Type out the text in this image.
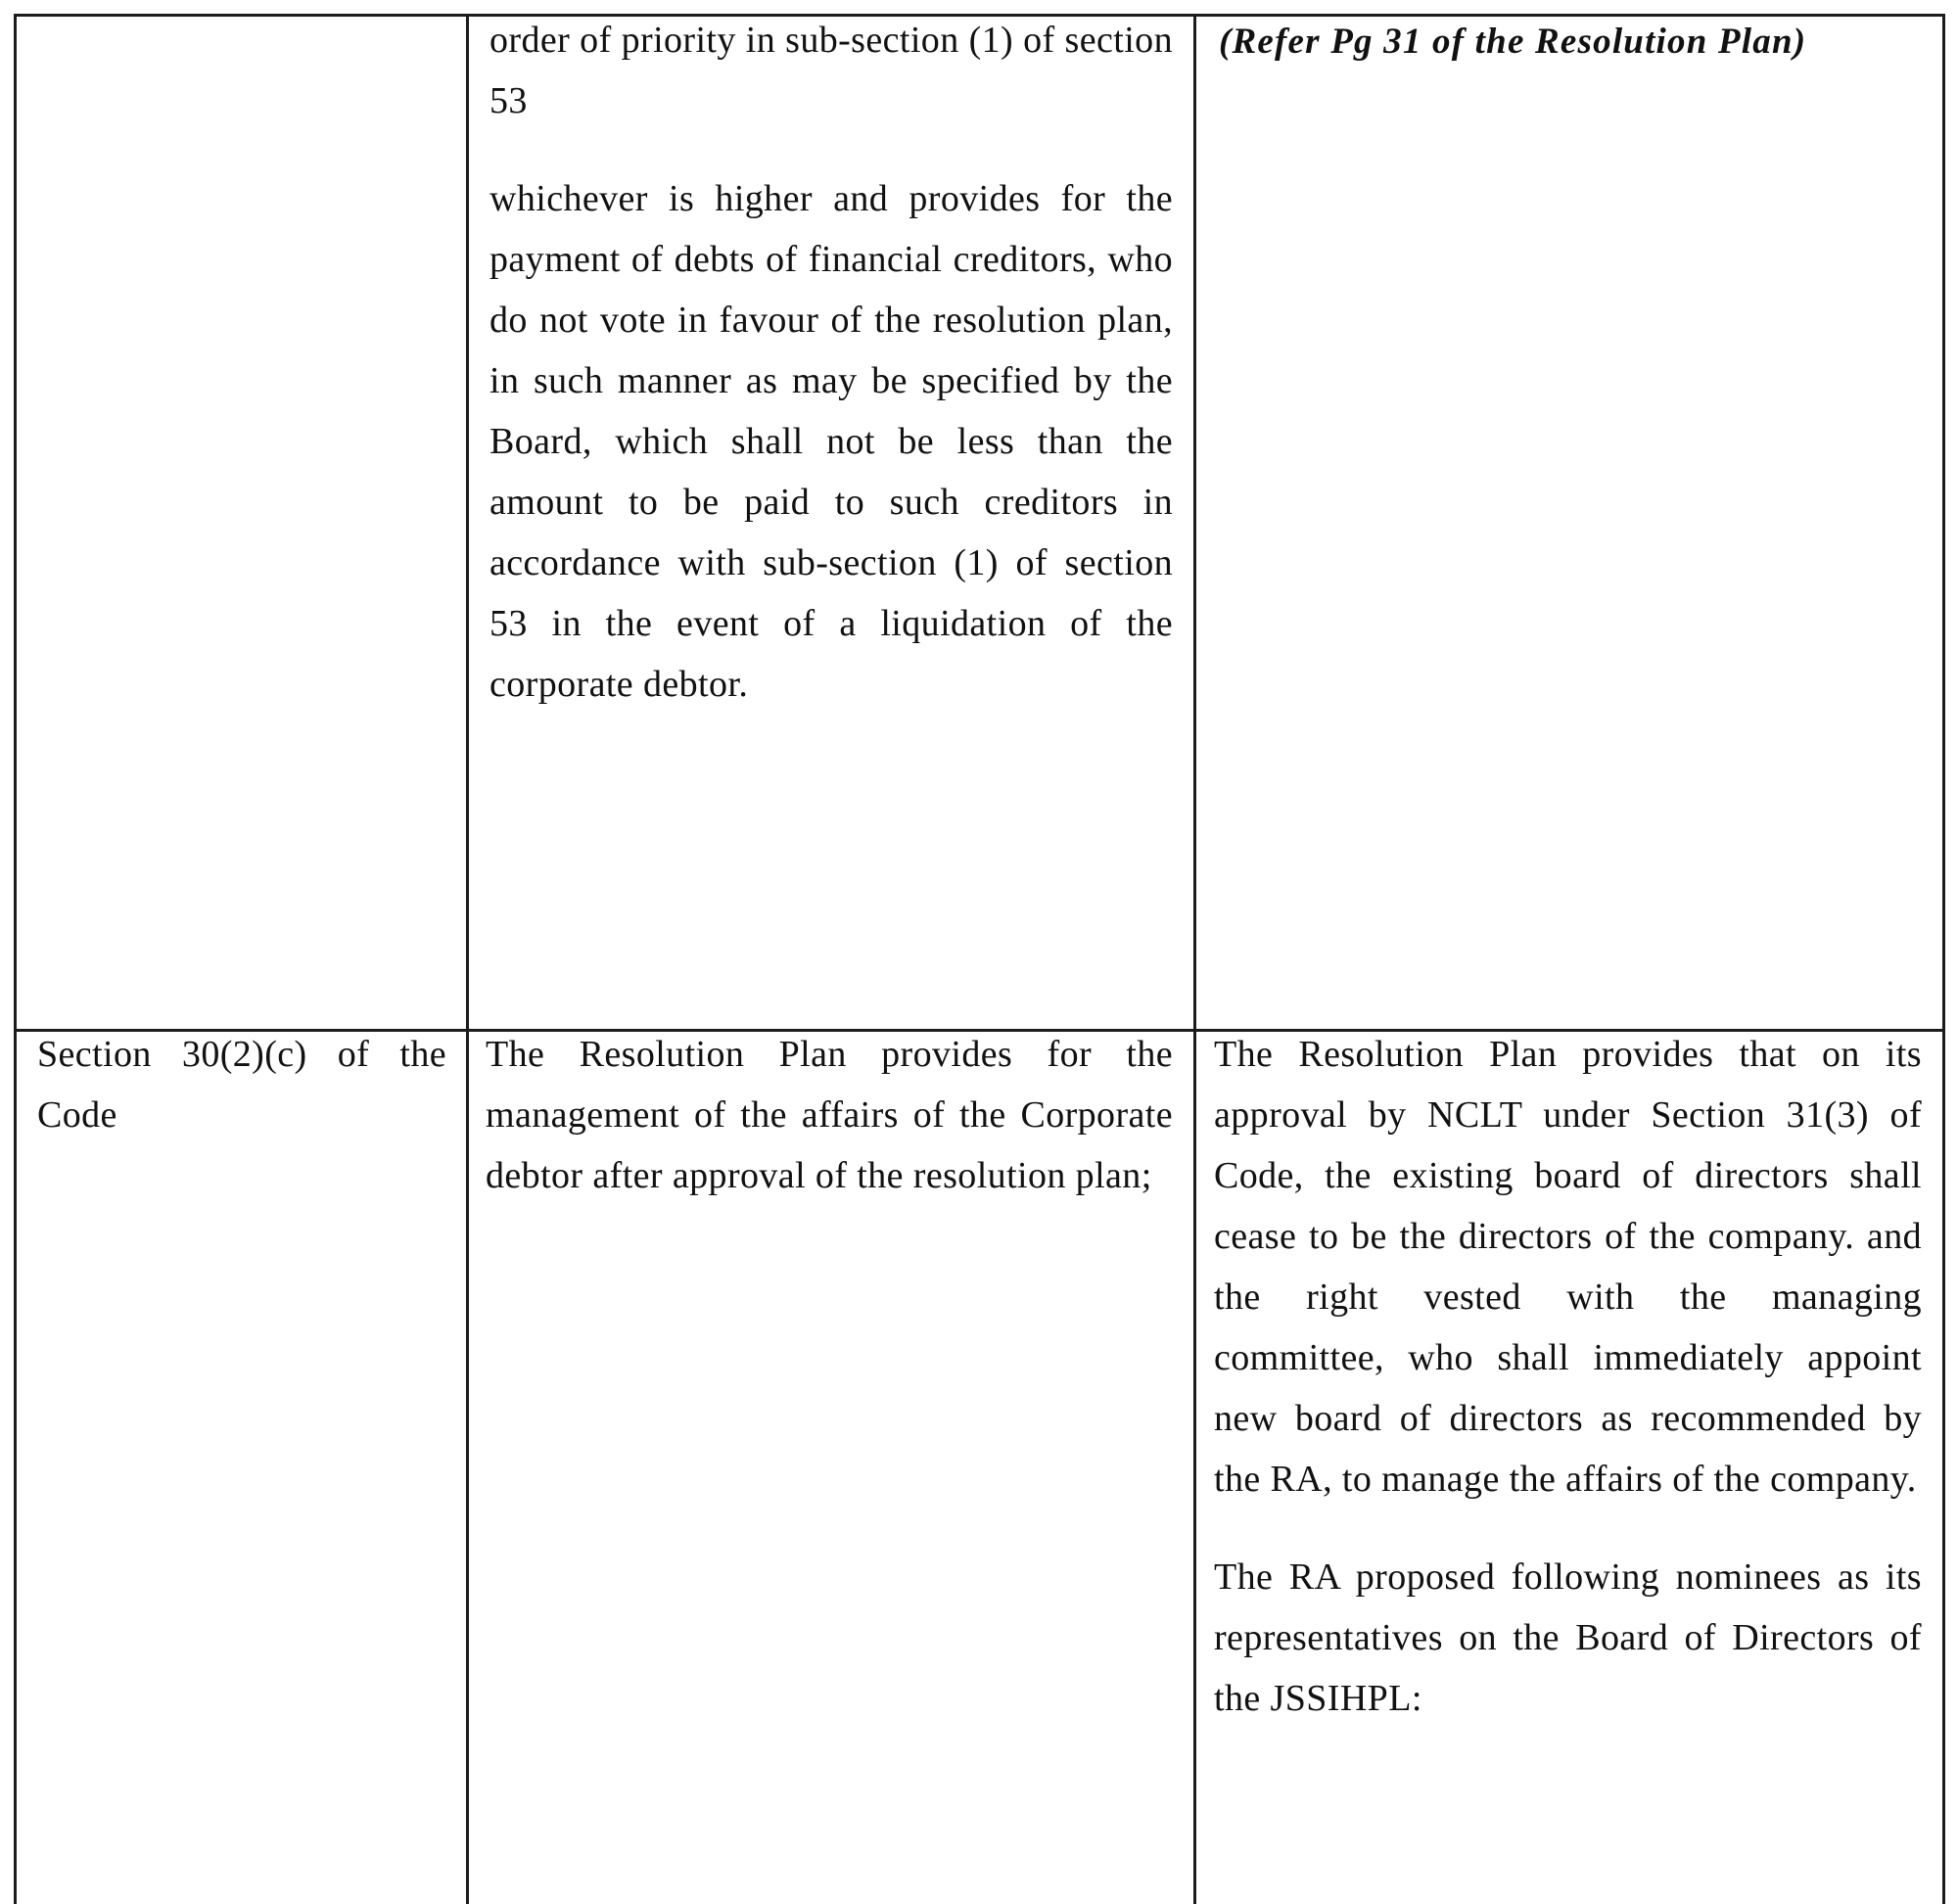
order of priority in sub-section (1) of section 53

whichever is higher and provides for the payment of debts of financial creditors, who do not vote in favour of the resolution plan, in such manner as may be specified by the Board, which shall not be less than the amount to be paid to such creditors in accordance with sub-section (1) of section 53 in the event of a liquidation of the corporate debtor.

(Refer Pg 31 of the Resolution Plan)

Section 30(2)(c) of the Code

The Resolution Plan provides for the management of the affairs of the Corporate debtor after approval of the resolution plan;

The Resolution Plan provides that on its approval by NCLT under Section 31(3) of Code, the existing board of directors shall cease to be the directors of the company. and the right vested with the managing committee, who shall immediately appoint new board of directors as recommended by the RA, to manage the affairs of the company.

The RA proposed following nominees as its representatives on the Board of Directors of the JSSIHPL:
